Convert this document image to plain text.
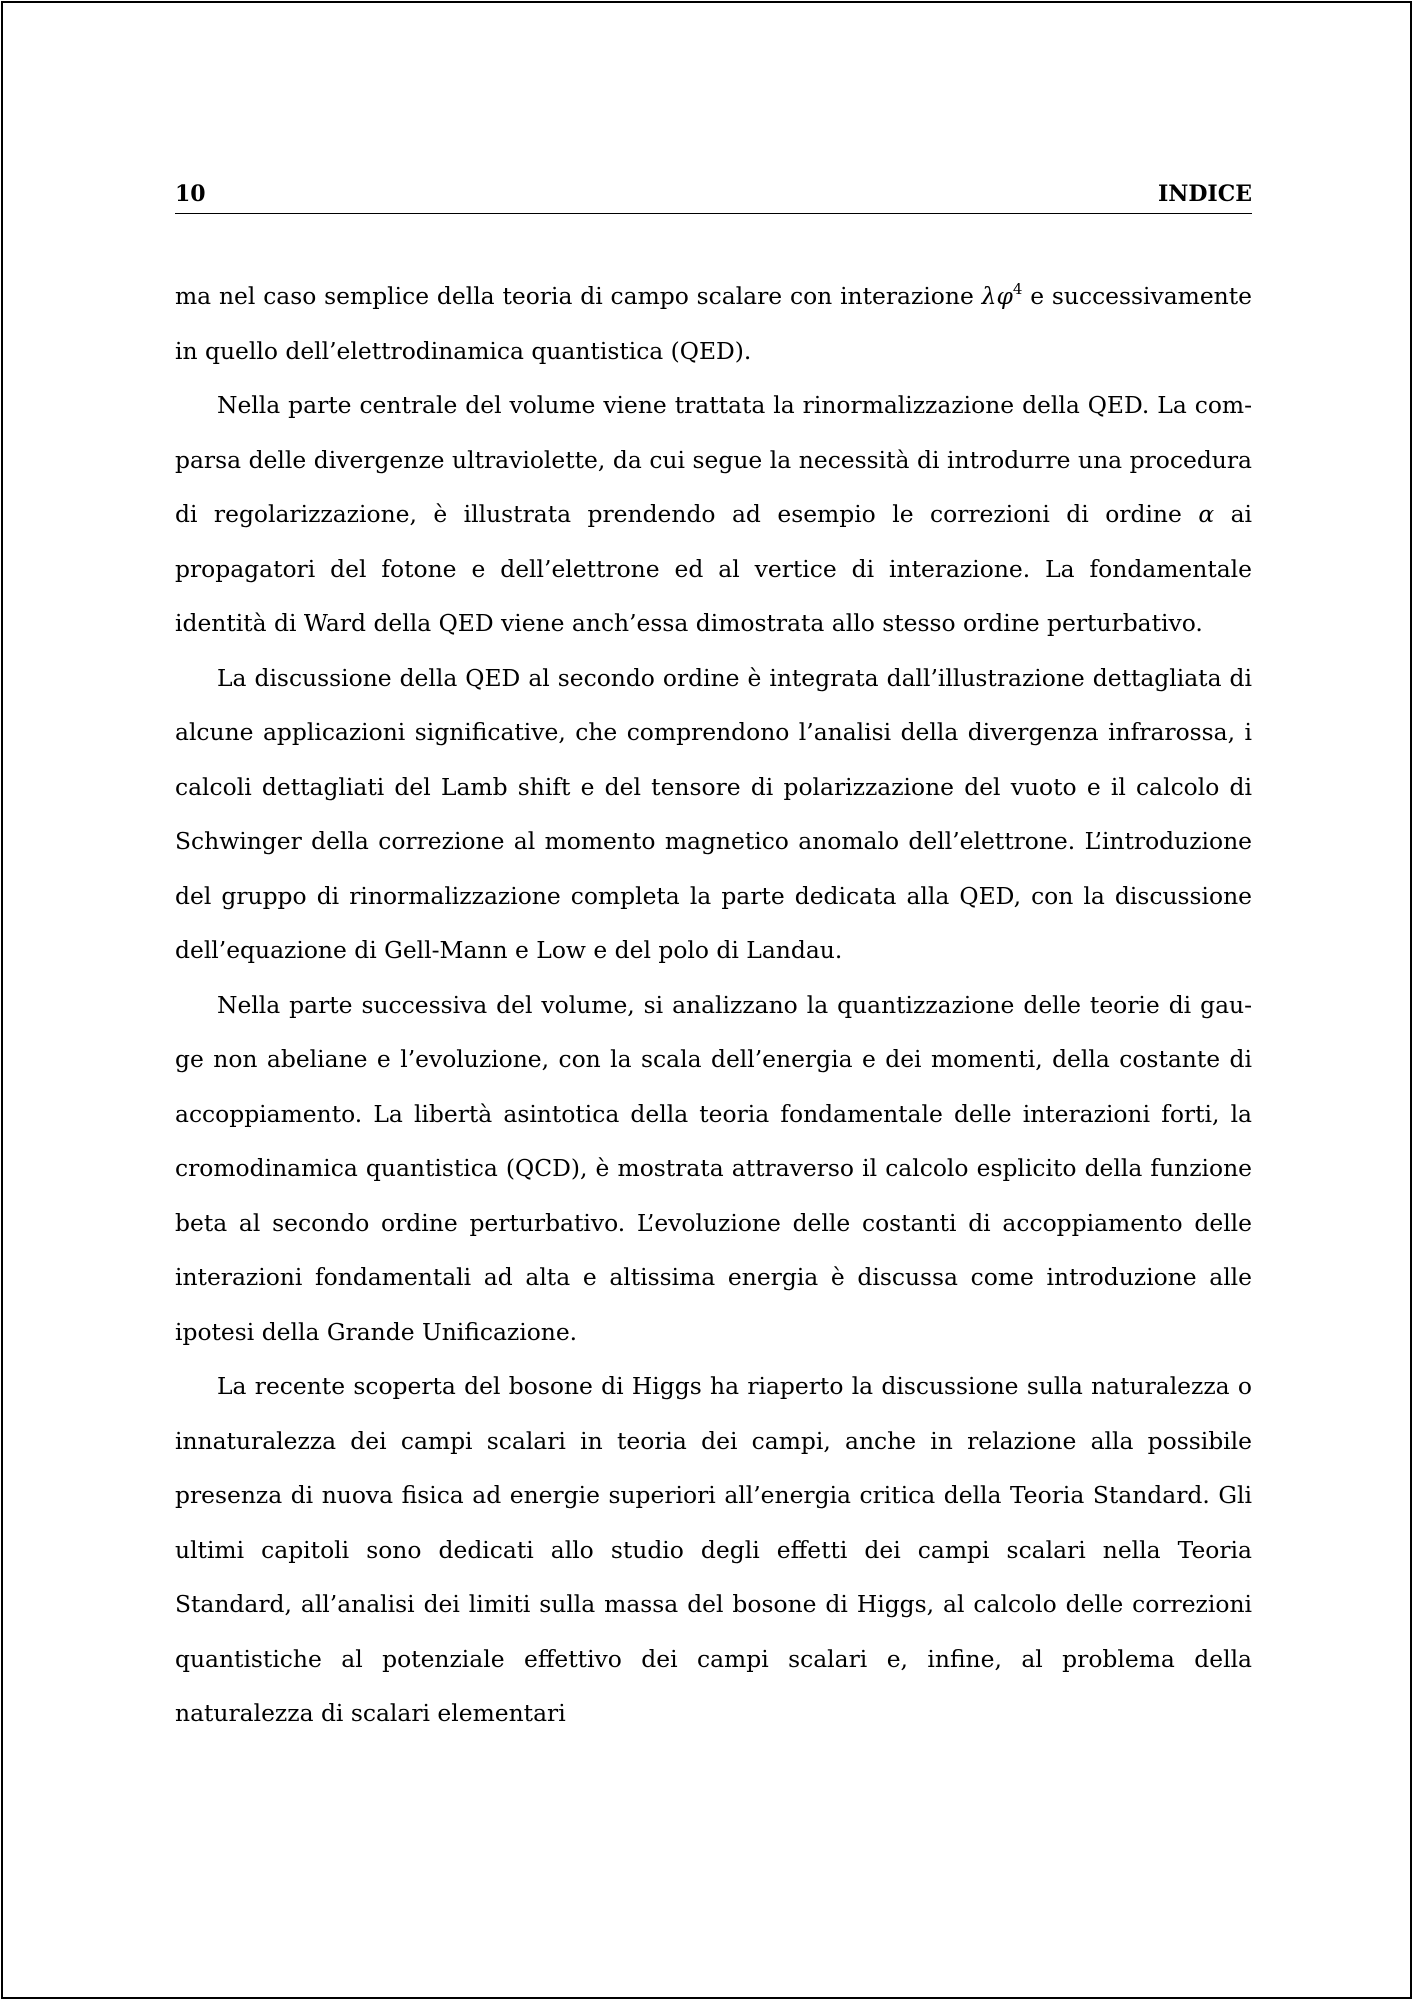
10	INDICE

ma nel caso semplice della teoria di campo scalare con interazione $\lambda\varphi^4$ e successivamente in quello dell’elettrodinamica quantistica (QED).

Nella parte centrale del volume viene trattata la rinormalizzazione della QED. La comparsa delle divergenze ultraviolette, da cui segue la necessità di introdurre una procedura di regolarizzazione, è illustrata prendendo ad esempio le correzioni di ordine α ai propagatori del fotone e dell’elettrone ed al vertice di interazione. La fondamentale identità di Ward della QED viene anch’essa dimostrata allo stesso ordine perturbativo.

La discussione della QED al secondo ordine è integrata dall’illustrazione dettagliata di alcune applicazioni significative, che comprendono l’analisi della divergenza infrarossa, i calcoli dettagliati del Lamb shift e del tensore di polarizzazione del vuoto e il calcolo di Schwinger della correzione al momento magnetico anomalo dell’elettrone. L’introduzione del gruppo di rinormalizzazione completa la parte dedicata alla QED, con la discussione dell’equazione di Gell-Mann e Low e del polo di Landau.

Nella parte successiva del volume, si analizzano la quantizzazione delle teorie di gauge non abeliane e l’evoluzione, con la scala dell’energia e dei momenti, della costante di accoppiamento. La libertà asintotica della teoria fondamentale delle interazioni forti, la cromodinamica quantistica (QCD), è mostrata attraverso il calcolo esplicito della funzione beta al secondo ordine perturbativo. L’evoluzione delle costanti di accoppiamento delle interazioni fondamentali ad alta e altissima energia è discussa come introduzione alle ipotesi della Grande Unificazione.

La recente scoperta del bosone di Higgs ha riaperto la discussione sulla naturalezza o innaturalezza dei campi scalari in teoria dei campi, anche in relazione alla possibile presenza di nuova fisica ad energie superiori all’energia critica della Teoria Standard. Gli ultimi capitoli sono dedicati allo studio degli effetti dei campi scalari nella Teoria Standard, all’analisi dei limiti sulla massa del bosone di Higgs, al calcolo delle correzioni quantistiche al potenziale effettivo dei campi scalari e, infine, al problema della naturalezza di scalari elementari
